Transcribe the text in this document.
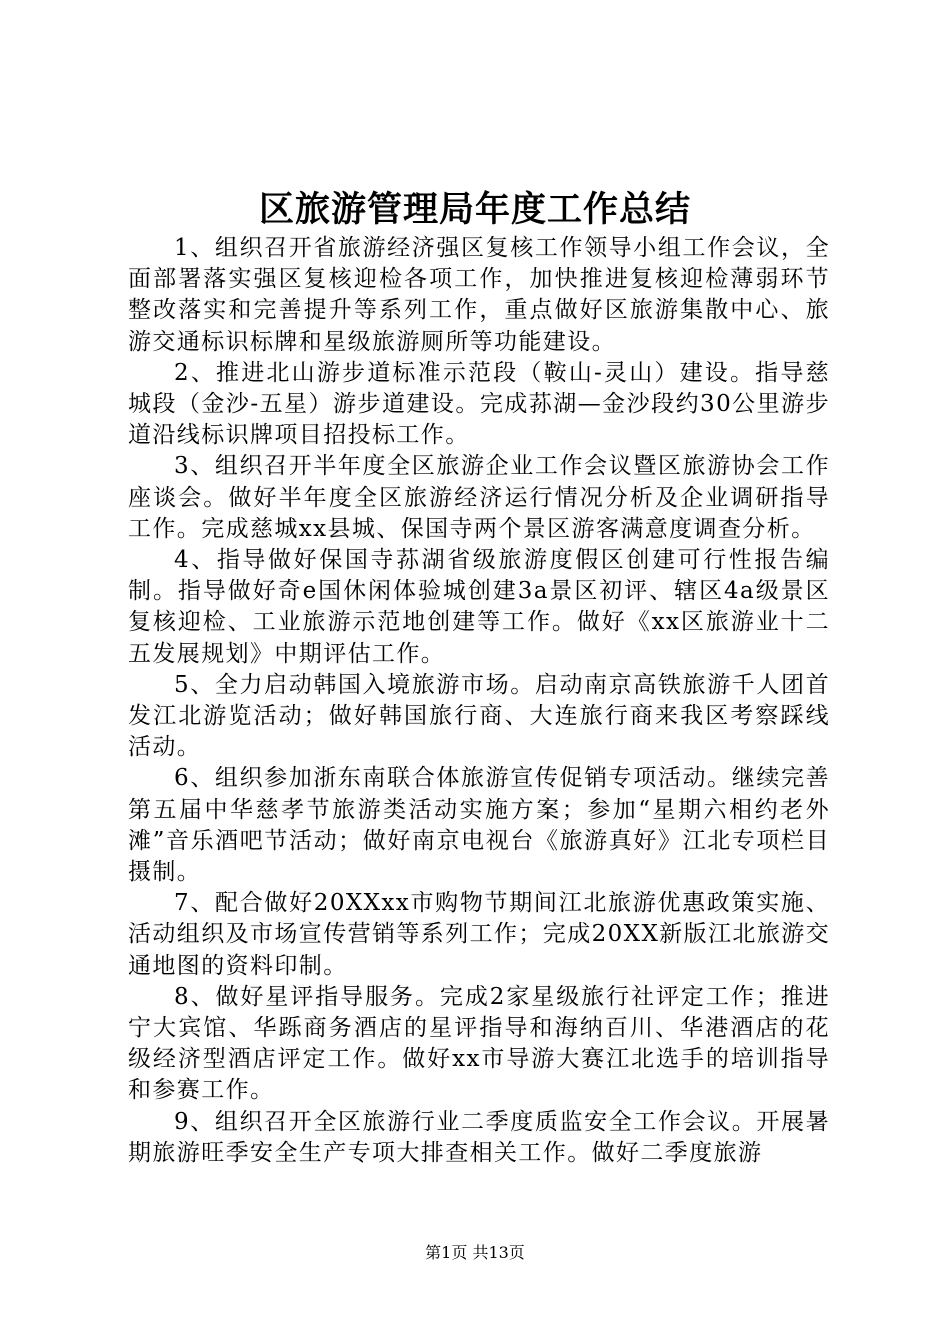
区旅游管理局年度工作总结

1、组织召开省旅游经济强区复核工作领导小组工作会议，全面部署落实强区复核迎检各项工作，加快推进复核迎检薄弱环节整改落实和完善提升等系列工作，重点做好区旅游集散中心、旅游交通标识标牌和星级旅游厕所等功能建设。

2、推进北山游步道标准示范段（鞍山-灵山）建设。指导慈城段（金沙-五星）游步道建设。完成荪湖—金沙段约30公里游步道沿线标识牌项目招投标工作。

3、组织召开半年度全区旅游企业工作会议暨区旅游协会工作座谈会。做好半年度全区旅游经济运行情况分析及企业调研指导工作。完成慈城xx县城、保国寺两个景区游客满意度调查分析。

4、指导做好保国寺荪湖省级旅游度假区创建可行性报告编制。指导做好奇e国休闲体验城创建3a景区初评、辖区4a级景区复核迎检、工业旅游示范地创建等工作。做好《xx区旅游业十二五发展规划》中期评估工作。

5、全力启动韩国入境旅游市场。启动南京高铁旅游千人团首发江北游览活动；做好韩国旅行商、大连旅行商来我区考察踩线活动。

6、组织参加浙东南联合体旅游宣传促销专项活动。继续完善第五届中华慈孝节旅游类活动实施方案；参加“星期六相约老外滩”音乐酒吧节活动；做好南京电视台《旅游真好》江北专项栏目摄制。

7、配合做好20XXxx市购物节期间江北旅游优惠政策实施、活动组织及市场宣传营销等系列工作；完成20XX新版江北旅游交通地图的资料印制。

8、做好星评指导服务。完成2家星级旅行社评定工作；推进宁大宾馆、华跞商务酒店的星评指导和海纳百川、华港酒店的花级经济型酒店评定工作。做好xx市导游大赛江北选手的培训指导和参赛工作。

9、组织召开全区旅游行业二季度质监安全工作会议。开展暑期旅游旺季安全生产专项大排查相关工作。做好二季度旅游

第1页 共13页
